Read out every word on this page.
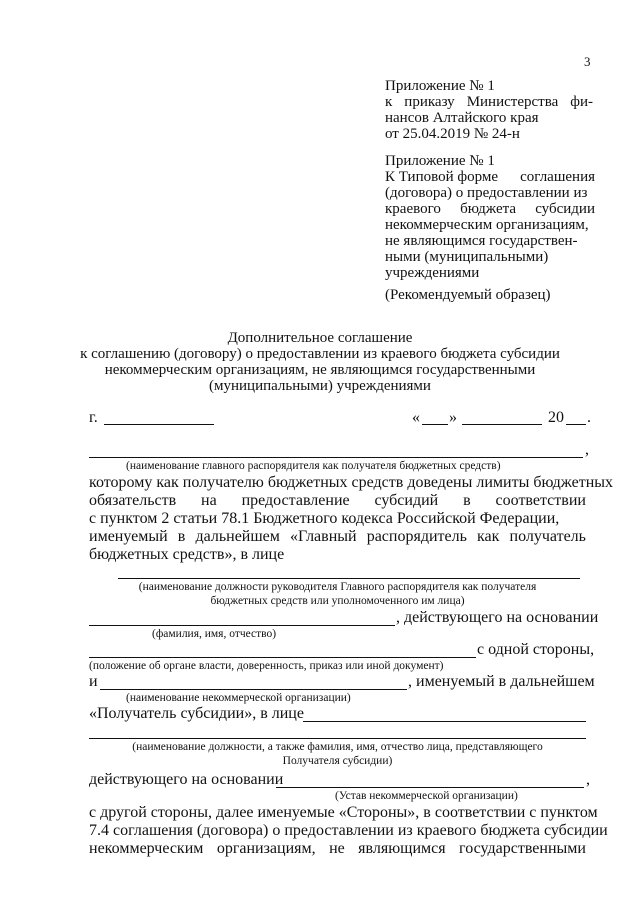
3
Приложение № 1
к приказу Министерства фи-
нансов Алтайского края
от 25.04.2019 № 24-н
Приложение № 1
К Типовой форме соглашения
(договора) о предоставлении из
краевого бюджета субсидии
некоммерческим организациям,
не являющимся государствен-
ными (муниципальными)
учреждениями
(Рекомендуемый образец)
Дополнительное соглашение
к соглашению (договору) о предоставлении из краевого бюджета субсидии
некоммерческим организациям, не являющимся государственными
(муниципальными) учреждениями
г.	« »	20 .
,
(наименование главного распорядителя как получателя бюджетных средств)
которому как получателю бюджетных средств доведены лимиты бюджетных
обязательств на предоставление субсидий в соответствии
с пунктом 2 статьи 78.1 Бюджетного кодекса Российской Федерации,
именуемый в дальнейшем «Главный распорядитель как получатель
бюджетных средств», в лице
(наименование должности руководителя Главного распорядителя как получателя
бюджетных средств или уполномоченного им лица)
, действующего на основании
(фамилия, имя, отчество)
с одной стороны,
(положение об органе власти, доверенность, приказ или иной документ)
и	, именуемый в дальнейшем
(наименование некоммерческой организации)
«Получатель субсидии», в лице
(наименование должности, а также фамилия, имя, отчество лица, представляющего
Получателя субсидии)
действующего на основании	,
(Устав некоммерческой организации)
с другой стороны, далее именуемые «Стороны», в соответствии с пунктом
7.4 соглашения (договора) о предоставлении из краевого бюджета субсидии
некоммерческим организациям, не являющимся государственными
